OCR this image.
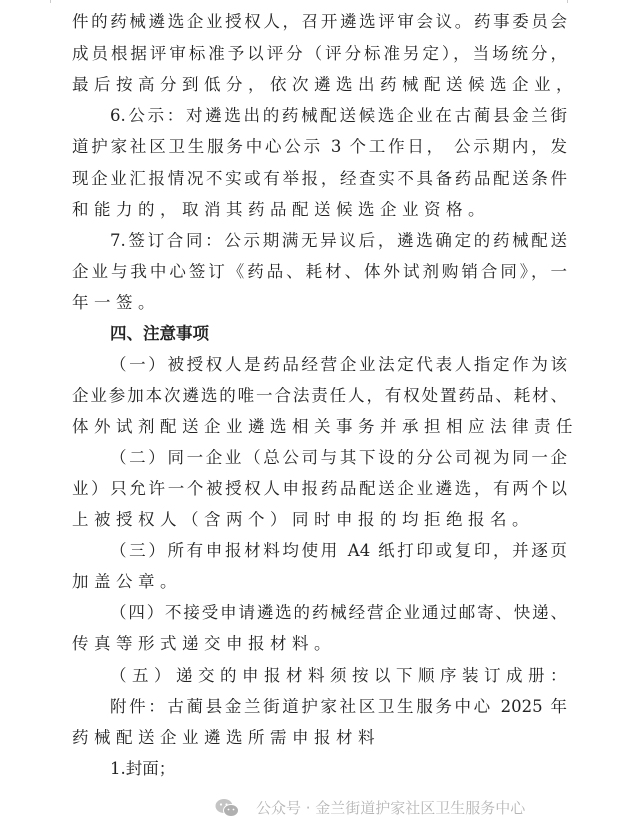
件的药械遴选企业授权人，召开遴选评审会议。药事委员会
成员根据评审标准予以评分（评分标准另定），当场统分，
最后按高分到低分，依次遴选出药械配送候选企业，
6.公示：对遴选出的药械配送候选企业在古蔺县金兰街
道护家社区卫生服务中心公示 3 个工作日， 公示期内，发
现企业汇报情况不实或有举报，经查实不具备药品配送条件
和能力的，取消其药品配送候选企业资格。
7.签订合同：公示期满无异议后，遴选确定的药械配送
企业与我中心签订《药品、耗材、体外试剂购销合同》，一
年一签。
四、注意事项
（一）被授权人是药品经营企业法定代表人指定作为该
企业参加本次遴选的唯一合法责任人，有权处置药品、耗材、
体外试剂配送企业遴选相关事务并承担相应法律责任
（二）同一企业（总公司与其下设的分公司视为同一企
业）只允许一个被授权人申报药品配送企业遴选，有两个以
上被授权人（含两个）同时申报的均拒绝报名。
（三）所有申报材料均使用 A4 纸打印或复印，并逐页
加盖公章。
（四）不接受申请遴选的药械经营企业通过邮寄、快递、
传真等形式递交申报材料。
（五）递交的申报材料须按以下顺序装订成册：
附件：古蔺县金兰街道护家社区卫生服务中心 2025 年
药械配送企业遴选所需申报材料
1.封面；
公众号 · 金兰街道护家社区卫生服务中心
